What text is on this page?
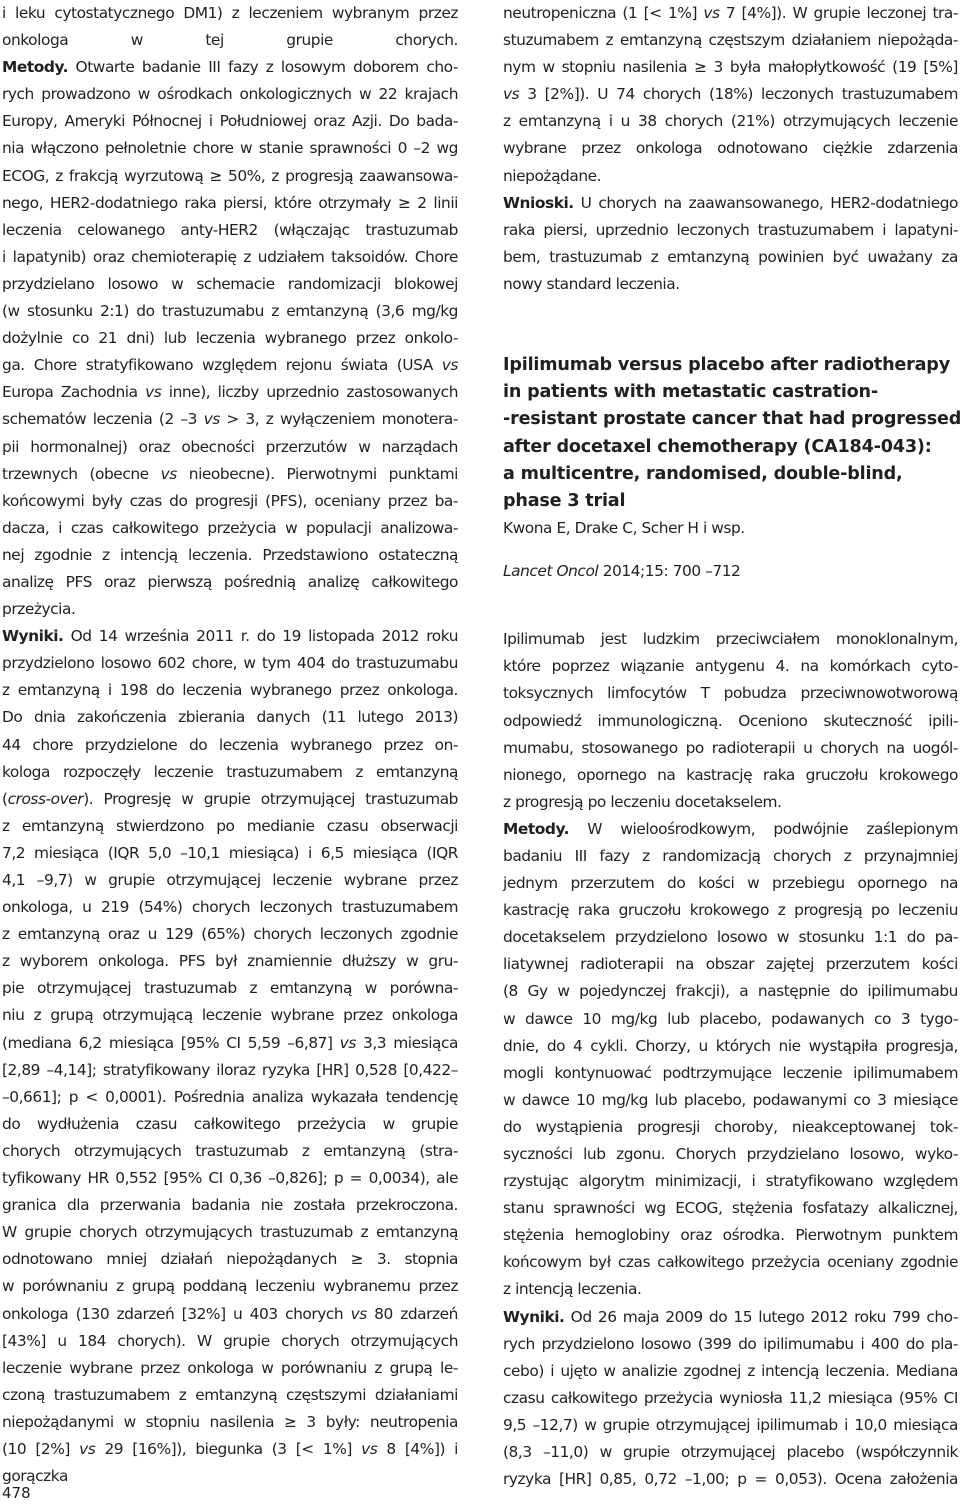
i leku cytostatycznego DM1) z leczeniem wybranym przez
onkologa w tej grupie chorych.
Metody. Otwarte badanie III fazy z losowym doborem cho-
rych prowadzono w ośrodkach onkologicznych w 22 krajach
Europy, Ameryki Północnej i Południowej oraz Azji. Do bada-
nia włączono pełnoletnie chore w stanie sprawności 0 –2 wg
ECOG, z frakcją wyrzutową ≥ 50%, z progresją zaawansowa-
nego, HER2-dodatniego raka piersi, które otrzymały ≥ 2 linii
leczenia celowanego anty-HER2 (włączając trastuzumab
i lapatynib) oraz chemioterapię z udziałem taksoidów. Chore
przydzielano losowo w schemacie randomizacji blokowej
(w stosunku 2:1) do trastuzumabu z emtanzyną (3,6 mg/kg
dożylnie co 21 dni) lub leczenia wybranego przez onkolo-
ga. Chore stratyfikowano względem rejonu świata (USA vs
Europa Zachodnia vs inne), liczby uprzednio zastosowanych
schematów leczenia (2 –3 vs > 3, z wyłączeniem monotera-
pii hormonalnej) oraz obecności przerzutów w narządach
trzewnych (obecne vs nieobecne). Pierwotnymi punktami
końcowymi były czas do progresji (PFS), oceniany przez ba-
dacza, i czas całkowitego przeżycia w populacji analizowa-
nej zgodnie z intencją leczenia. Przedstawiono ostateczną
analizę PFS oraz pierwszą pośrednią analizę całkowitego
przeżycia.
Wyniki. Od 14 września 2011 r. do 19 listopada 2012 roku
przydzielono losowo 602 chore, w tym 404 do trastuzumabu
z emtanzyną i 198 do leczenia wybranego przez onkologa.
Do dnia zakończenia zbierania danych (11 lutego 2013)
44 chore przydzielone do leczenia wybranego przez on-
kologa rozpoczęły leczenie trastuzumabem z emtanzyną
(cross-over). Progresję w grupie otrzymującej trastuzumab
z emtanzyną stwierdzono po medianie czasu obserwacji
7,2 miesiąca (IQR 5,0 –10,1 miesiąca) i 6,5 miesiąca (IQR
4,1 –9,7) w grupie otrzymującej leczenie wybrane przez
onkologa, u 219 (54%) chorych leczonych trastuzumabem
z emtanzyną oraz u 129 (65%) chorych leczonych zgodnie
z wyborem onkologa. PFS był znamiennie dłuższy w gru-
pie otrzymującej trastuzumab z emtanzyną w porówna-
niu z grupą otrzymującą leczenie wybrane przez onkologa
(mediana 6,2 miesiąca [95% CI 5,59 –6,87] vs 3,3 miesiąca
[2,89 –4,14]; stratyfikowany iloraz ryzyka [HR] 0,528 [0,422–
–0,661]; p < 0,0001). Pośrednia analiza wykazała tendencję
do wydłużenia czasu całkowitego przeżycia w grupie
chorych otrzymujących trastuzumab z emtanzyną (stra-
tyfikowany HR 0,552 [95% CI 0,36 –0,826]; p = 0,0034), ale
granica dla przerwania badania nie została przekroczona.
W grupie chorych otrzymujących trastuzumab z emtanzyną
odnotowano mniej działań niepożądanych ≥ 3. stopnia
w porównaniu z grupą poddaną leczeniu wybranemu przez
onkologa (130 zdarzeń [32%] u 403 chorych vs 80 zdarzeń
[43%] u 184 chorych). W grupie chorych otrzymujących
leczenie wybrane przez onkologa w porównaniu z grupą le-
czoną trastuzumabem z emtanzyną częstszymi działaniami
niepożądanymi w stopniu nasilenia ≥ 3 były: neutropenia
(10 [2%] vs 29 [16%]), biegunka (3 [< 1%] vs 8 [4%]) i gorączka
neutropeniczna (1 [< 1%] vs 7 [4%]). W grupie leczonej tra-
stuzumabem z emtanzyną częstszym działaniem niepożąda-
nym w stopniu nasilenia ≥ 3 była małopłytkowość (19 [5%]
vs 3 [2%]). U 74 chorych (18%) leczonych trastuzumabem
z emtanzyną i u 38 chorych (21%) otrzymujących leczenie
wybrane przez onkologa odnotowano ciężkie zdarzenia
niepożądane.
Wnioski. U chorych na zaawansowanego, HER2-dodatniego
raka piersi, uprzednio leczonych trastuzumabem i lapatyni-
bem, trastuzumab z emtanzyną powinien być uważany za
nowy standard leczenia.
Ipilimumab versus placebo after radiotherapy
in patients with metastatic castration-
-resistant prostate cancer that had progressed
after docetaxel chemotherapy (CA184-043):
a multicentre, randomised, double-blind,
phase 3 trial

Kwona E, Drake C, Scher H i wsp.

Lancet Oncol 2014;15: 700 –712

Ipilimumab jest ludzkim przeciwciałem monoklonalnym,
które poprzez wiązanie antygenu 4. na komórkach cyto-
toksycznych limfocytów T pobudza przeciwnowotworową
odpowiedź immunologiczną. Oceniono skuteczność ipili-
mumabu, stosowanego po radioterapii u chorych na uogól-
nionego, opornego na kastrację raka gruczołu krokowego
z progresją po leczeniu docetakselem.
Metody. W wieloośrodkowym, podwójnie zaślepionym
badaniu III fazy z randomizacją chorych z przynajmniej
jednym przerzutem do kości w przebiegu opornego na
kastrację raka gruczołu krokowego z progresją po leczeniu
docetakselem przydzielono losowo w stosunku 1:1 do pa-
liatywnej radioterapii na obszar zajętej przerzutem kości
(8 Gy w pojedynczej frakcji), a następnie do ipilimumabu
w dawce 10 mg/kg lub placebo, podawanych co 3 tygo-
dnie, do 4 cykli. Chorzy, u których nie wystąpiła progresja,
mogli kontynuować podtrzymujące leczenie ipilimumabem
w dawce 10 mg/kg lub placebo, podawanymi co 3 miesiące
do wystąpienia progresji choroby, nieakceptowanej tok-
syczności lub zgonu. Chorych przydzielano losowo, wyko-
rzystując algorytm minimizacji, i stratyfikowano względem
stanu sprawności wg ECOG, stężenia fosfatazy alkalicznej,
stężenia hemoglobiny oraz ośrodka. Pierwotnym punktem
końcowym był czas całkowitego przeżycia oceniany zgodnie
z intencją leczenia.
Wyniki. Od 26 maja 2009 do 15 lutego 2012 roku 799 cho-
rych przydzielono losowo (399 do ipilimumabu i 400 do pla-
cebo) i ujęto w analizie zgodnej z intencją leczenia. Mediana
czasu całkowitego przeżycia wyniosła 11,2 miesiąca (95% CI
9,5 –12,7) w grupie otrzymującej ipilimumab i 10,0 miesiąca
(8,3 –11,0) w grupie otrzymującej placebo (współczynnik
ryzyka [HR] 0,85, 0,72 –1,00; p = 0,053). Ocena założenia
478
